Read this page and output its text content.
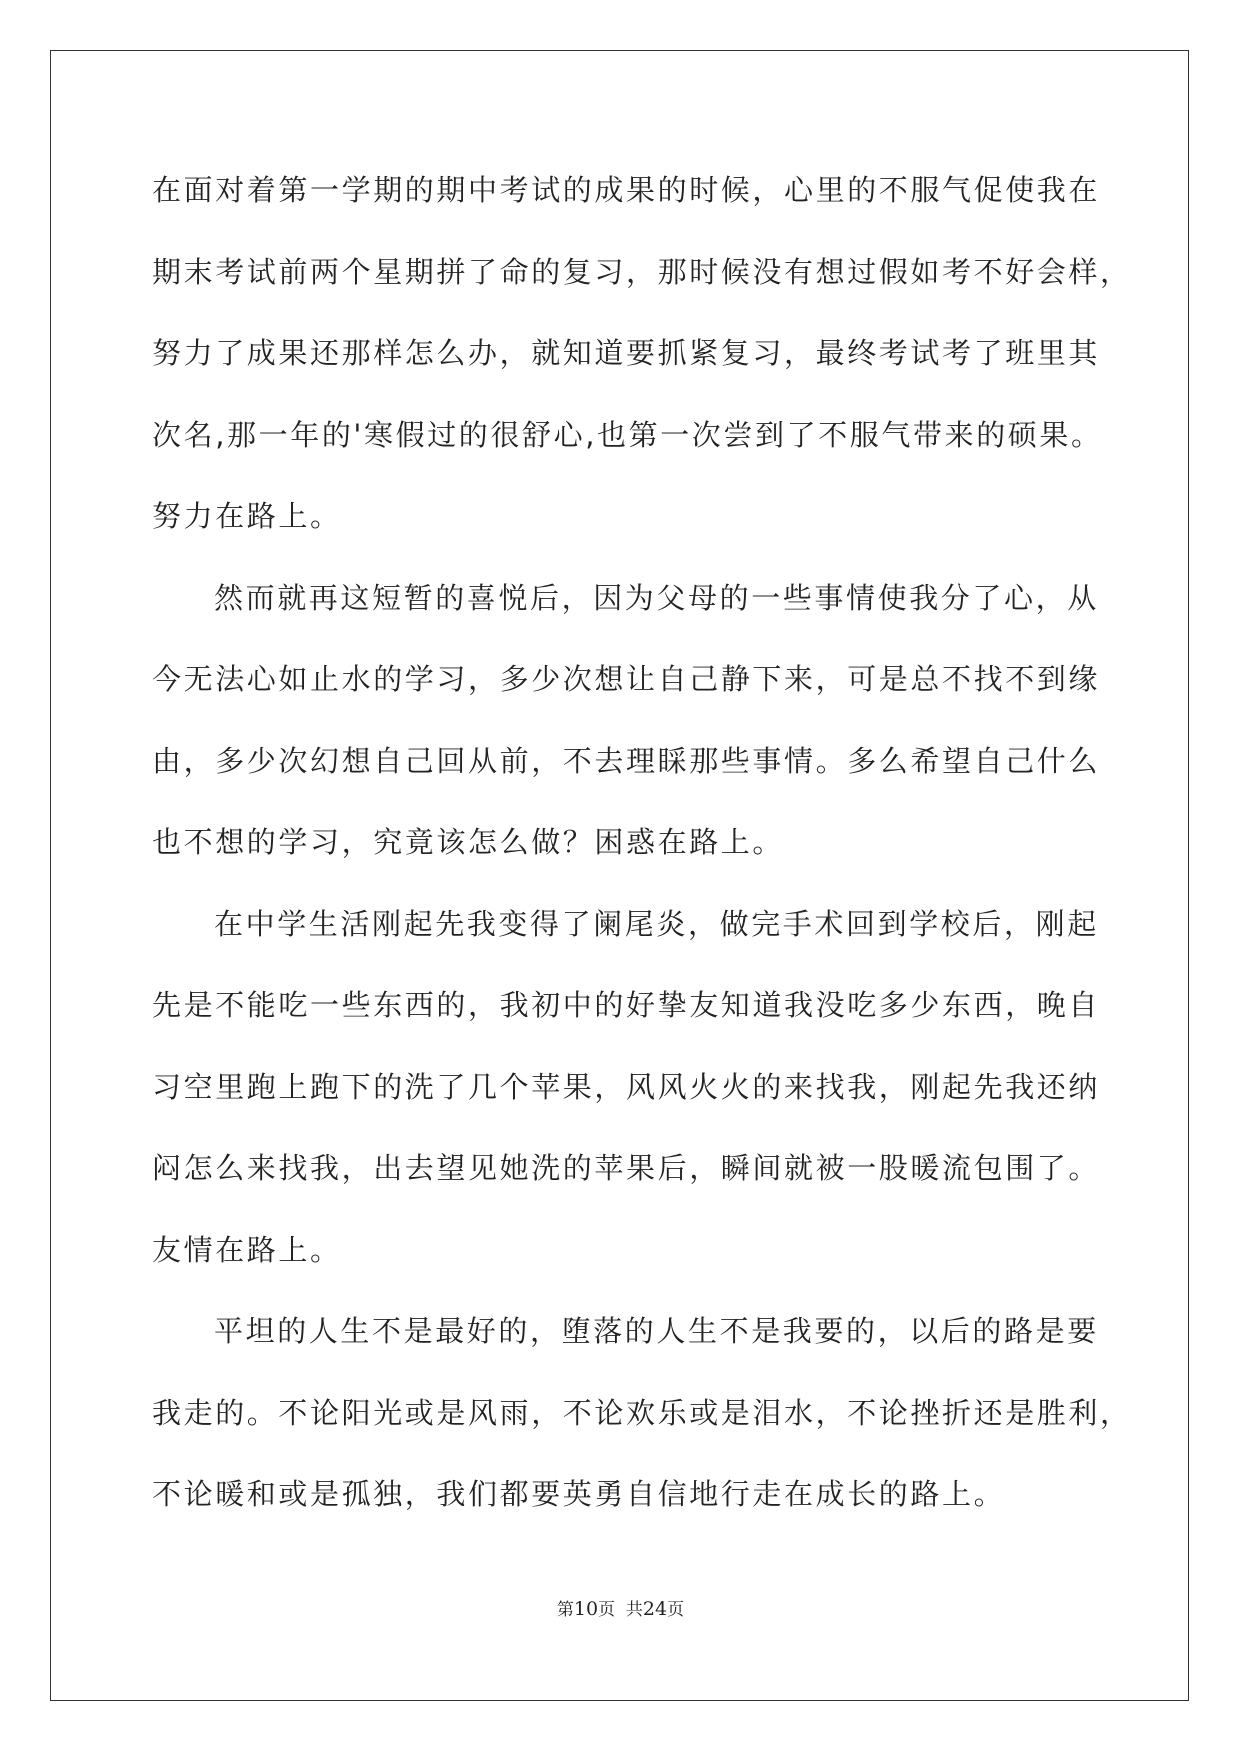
在面对着第一学期的期中考试的成果的时候，心里的不服气促使我在
期末考试前两个星期拼了命的复习，那时候没有想过假如考不好会样，
努力了成果还那样怎么办，就知道要抓紧复习，最终考试考了班里其
次名,那一年的'寒假过的很舒心,也第一次尝到了不服气带来的硕果。
努力在路上。
然而就再这短暂的喜悦后，因为父母的一些事情使我分了心，从
今无法心如止水的学习，多少次想让自己静下来，可是总不找不到缘
由，多少次幻想自己回从前，不去理睬那些事情。多么希望自己什么
也不想的学习，究竟该怎么做？困惑在路上。
在中学生活刚起先我变得了阑尾炎，做完手术回到学校后，刚起
先是不能吃一些东西的，我初中的好挚友知道我没吃多少东西，晚自
习空里跑上跑下的洗了几个苹果，风风火火的来找我，刚起先我还纳
闷怎么来找我，出去望见她洗的苹果后，瞬间就被一股暖流包围了。
友情在路上。
平坦的人生不是最好的，堕落的人生不是我要的，以后的路是要
我走的。不论阳光或是风雨，不论欢乐或是泪水，不论挫折还是胜利，
不论暖和或是孤独，我们都要英勇自信地行走在成长的路上。
第10页  共24页
